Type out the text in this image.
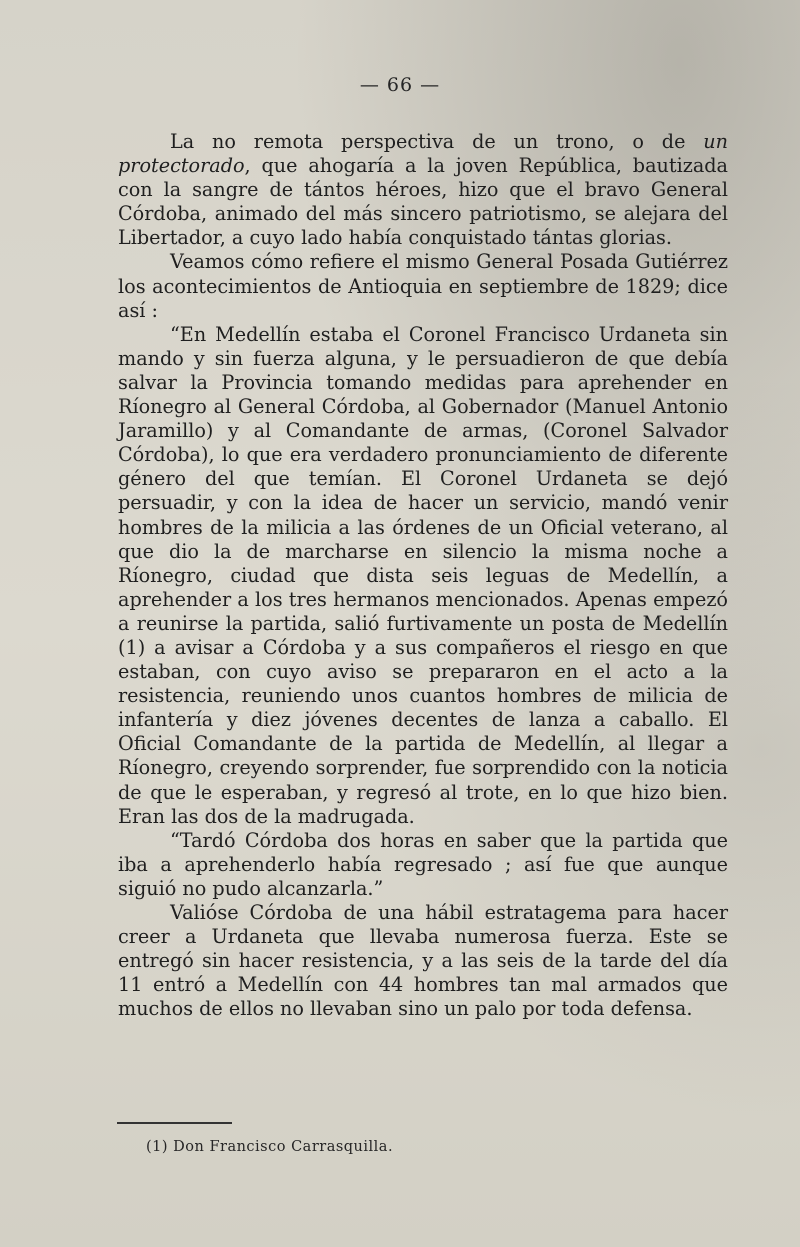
— 66 —

La no remota perspectiva de un trono, o de un protectorado, que ahogaría a la joven República, bautizada con la sangre de tántos héroes, hizo que el bravo General Córdoba, animado del más sincero patriotismo, se alejara del Libertador, a cuyo lado había conquistado tántas glorias.

Veamos cómo refiere el mismo General Posada Gutiérrez los acontecimientos de Antioquia en septiembre de 1829; dice así :

“En Medellín estaba el Coronel Francisco Urdaneta sin mando y sin fuerza alguna, y le persuadieron de que debía salvar la Provincia tomando medidas para aprehender en Ríonegro al General Córdoba, al Gobernador (Manuel Antonio Jaramillo) y al Comandante de armas, (Coronel Salvador Córdoba), lo que era verdadero pronunciamiento de diferente género del que temían. El Coronel Urdaneta se dejó persuadir, y con la idea de hacer un servicio, mandó venir hombres de la milicia a las órdenes de un Oficial veterano, al que dio la de marcharse en silencio la misma noche a Ríonegro, ciudad que dista seis leguas de Medellín, a aprehender a los tres hermanos mencionados. Apenas empezó a reunirse la partida, salió furtivamente un posta de Medellín (1) a avisar a Córdoba y a sus compañeros el riesgo en que estaban, con cuyo aviso se prepararon en el acto a la resistencia, reuniendo unos cuantos hombres de milicia de infantería y diez jóvenes decentes de lanza a caballo. El Oficial Comandante de la partida de Medellín, al llegar a Ríonegro, creyendo sorprender, fue sorprendido con la noticia de que le esperaban, y regresó al trote, en lo que hizo bien. Eran las dos de la madrugada.

“Tardó Córdoba dos horas en saber que la partida que iba a aprehenderlo había regresado ; así fue que aunque siguió no pudo alcanzarla.”

Valióse Córdoba de una hábil estratagema para hacer creer a Urdaneta que llevaba numerosa fuerza. Este se entregó sin hacer resistencia, y a las seis de la tarde del día 11 entró a Medellín con 44 hombres tan mal armados que muchos de ellos no llevaban sino un palo por toda defensa.

(1) Don Francisco Carrasquilla.
